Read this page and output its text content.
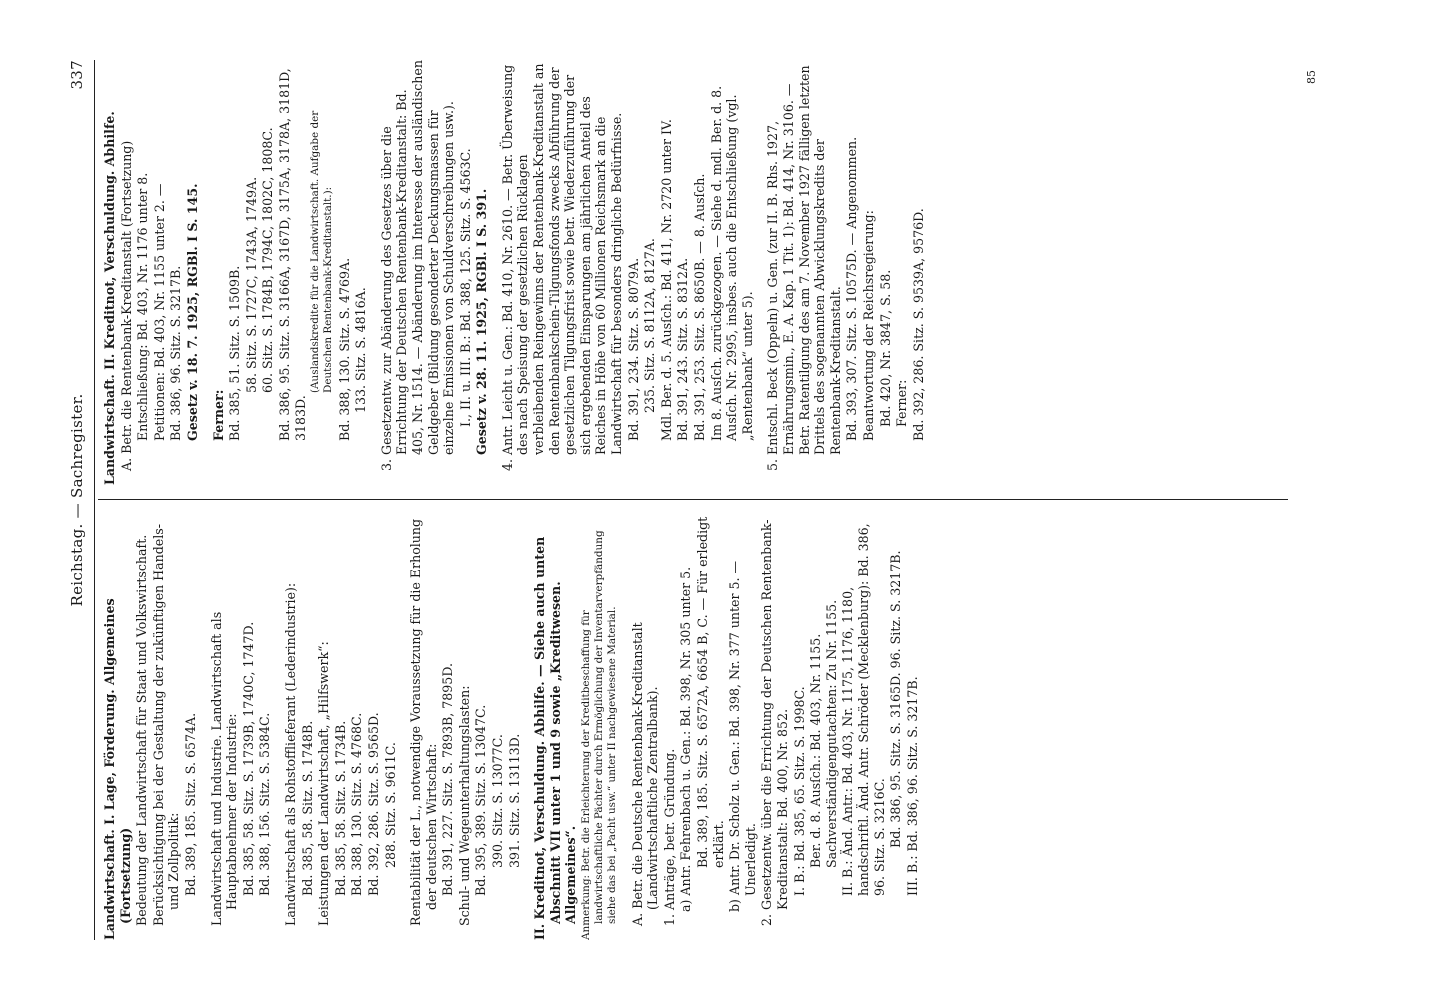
Reichstag. — Sachregister.
337

Landwirtschaft. I. Lage, Förderung. Allgemeines (Fortsetzung) Bedeutung der Landwirtschaft für Staat und Volkswirtschaft. Berücksichtigung bei der Gestaltung der zukünftigen Handels- und Zollpolitik: Bd. 389, 185. Sitz. S. 6574A. Landwirtschaft und Industrie. Landwirtschaft als Hauptabnehmer der Industrie: Bd. 385, 58. Sitz. S. 1739B, 1740C, 1747D. Bd. 388, 156. Sitz. S. 5384C. Landwirtschaft als Rohstofflieferant (Lederindustrie): Bd. 385, 58. Sitz. S. 1748B. Leistungen der Landwirtschaft, „Hilfswerk“: Bd. 385, 58. Sitz. S. 1734B. Bd. 388, 130. Sitz. S. 4768C. Bd. 392, 286. Sitz. S. 9565D. 288. Sitz. S. 9611C. Rentabilität der L., notwendige Voraussetzung für die Erholung der deutschen Wirtschaft: Bd. 391, 227. Sitz. S. 7893B, 7895D. Schul- und Wegeunterhaltungslasten: Bd. 395, 389. Sitz. S. 13047C. 390. Sitz. S. 13077C. 391. Sitz. S. 13113D. II. Kreditnot, Verschuldung. Abhilfe. — Siehe auch unten Abschnitt VII unter 1 und 9 sowie „Kreditwesen. Allgemeines“. Anmerkung: Betr. die Erleichterung der Kreditbeschaffung für landwirtschaftliche Pächter durch Ermöglichung der Inventarverpfändung siehe das bei „Pacht usw.“ unter II nachgewiesene Material. A. Betr. die Deutsche Rentenbank-Kreditanstalt (Landwirtschaftliche Zentralbank). 1. Anträge, betr. Gründung. a) Antr. Fehrenbach u. Gen.: Bd. 398, Nr. 305 unter 5. Bd. 389, 185. Sitz. S. 6572A, 6654 B, C. — Für erledigt erklärt. b) Antr. Dr. Scholz u. Gen.: Bd. 398, Nr. 377 unter 5. — Unerledigt. 2. Gesetzentw. über die Errichtung der Deutschen Rentenbank-Kreditanstalt: Bd. 400, Nr. 852. I. B.: Bd. 385, 65. Sitz. S. 1998C. Ber. d. 8. Ausſch.: Bd. 403, Nr. 1155. Sachverständigengutachten: Zu Nr. 1155. II. B.: Änd. Antr.: Bd. 403, Nr. 1175, 1176, 1180, handschriftl. Änd. Antr. Schröder (Mecklenburg): Bd. 386, 96. Sitz. S. 3216C. Bd. 386, 95. Sitz. S. 3165D. 96. Sitz. S. 3217B. III. B.: Bd. 386, 96. Sitz. S. 3217B.

Landwirtschaft. II. Kreditnot, Verschuldung. Abhilfe. A. Betr. die Rentenbank-Kreditanstalt (Fortsetzung) Entschließung: Bd. 403, Nr. 1176 unter 8. Petitionen: Bd. 403, Nr. 1155 unter 2. — Bd. 386, 96. Sitz. S. 3217B. Gesetz v. 18. 7. 1925, RGBl. I S. 145. Ferner: Bd. 385, 51. Sitz. S. 1509B. 58. Sitz. S. 1727C, 1743A, 1749A. 60. Sitz. S. 1784B, 1794C, 1802C, 1808C. Bd. 386, 95. Sitz. S. 3166A, 3167D, 3175A, 3178A, 3181D, 3183D.

(Auslandskredite für die Landwirtschaft. Aufgabe der Deutschen Rentenbank-Kreditanstalt.): Bd. 388, 130. Sitz. S. 4769A. 133. Sitz. S. 4816A. 3. Gesetzentw. zur Abänderung des Gesetzes über die Errichtung der Deutschen Rentenbank-Kreditanstalt: Bd. 405, Nr. 1514. — Abänderung im Interesse der ausländischen Geldgeber (Bildung gesonderter Deckungsmassen für einzelne Emissionen von Schuldverschreibungen usw.). I., II. u. III. B.: Bd. 388, 125. Sitz. S. 4563C. Gesetz v. 28. 11. 1925, RGBl. I S. 391. 4. Antr. Leicht u. Gen.: Bd. 410, Nr. 2610. — Betr. Überweisung des nach Speisung der gesetzlichen Rücklagen verbleibenden Reingewinns der Rentenbank-Kreditanstalt an den Rentenbankschein-Tilgungsfonds zwecks Abführung der gesetzlichen Tilgungsfrist sowie betr. Wiederzuführung der sich ergebenden Einsparungen am jährlichen Anteil des Reiches in Höhe von 60 Millionen Reichsmark an die Landwirtschaft für besonders dringliche Bedürfnisse. Bd. 391, 234. Sitz. S. 8079A. 235. Sitz. S. 8112A, 8127A. Mdl. Ber. d. 5. Ausſch.: Bd. 411, Nr. 2720 unter IV. Bd. 391, 243. Sitz. S. 8312A. Bd. 391, 253. Sitz. S. 8650B. — 8. Ausſch. Im 8. Ausſch. zurückgezogen. — Siehe d. mdl. Ber. d. 8. Ausſch. Nr. 2995, insbes. auch die Entschließung (vgl. „Rentenbank“ unter 5). 5. Entschl. Beck (Oppeln) u. Gen. (zur II. B. Rhs. 1927, Ernährungsmin., E. A. Kap. 1 Tit. 1): Bd. 414, Nr. 3106. — Betr. Ratentilgung des am 7. November 1927 fälligen letzten Drittels des sogenannten Abwicklungskredits der Rentenbank-Kreditanstalt. Bd. 393, 307. Sitz. S. 10575D. — Angenommen. Beantwortung der Reichsregierung: Bd. 420, Nr. 3847, S. 58. Ferner: Bd. 392, 286. Sitz. S. 9539A, 9576D.

85
